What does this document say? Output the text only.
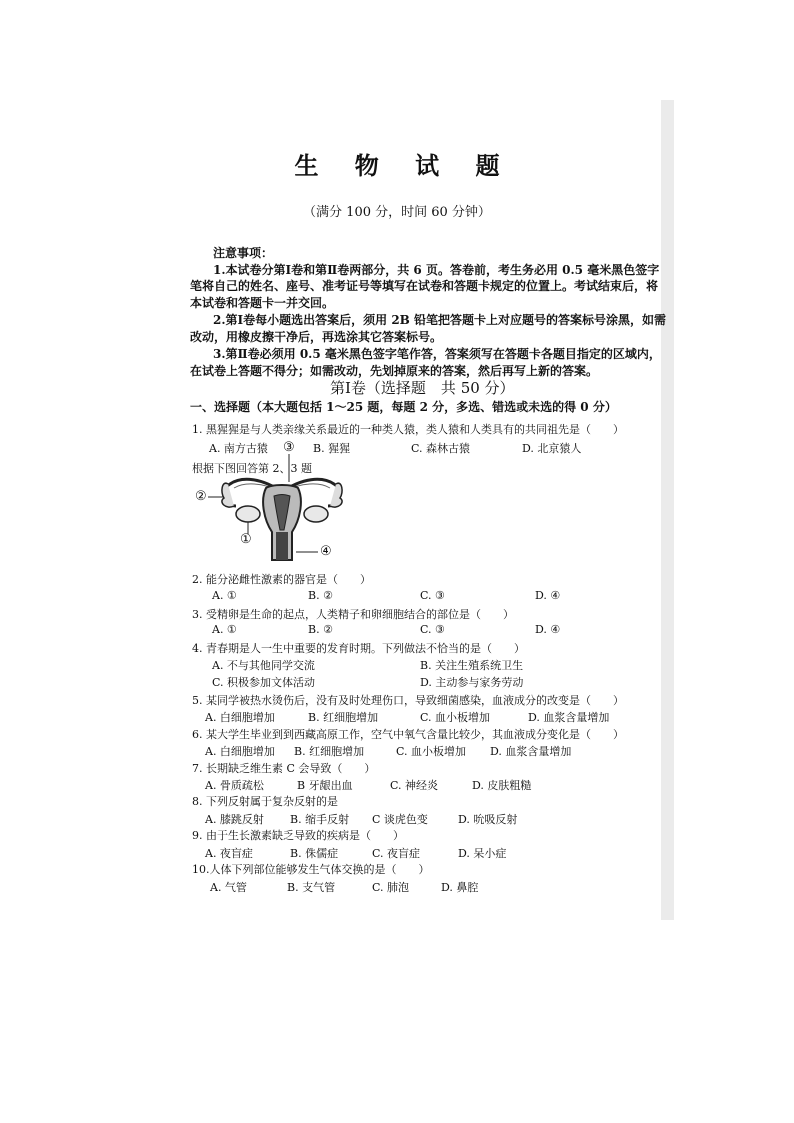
生 物 试 题
（满分 100 分，时间 60 分钟）
注意事项：
1.本试卷分第Ⅰ卷和第Ⅱ卷两部分，共 6 页。答卷前，考生务必用 0.5 毫米黑色签字
笔将自己的姓名、座号、准考证号等填写在试卷和答题卡规定的位置上。考试结束后，将
本试卷和答题卡一并交回。
2.第Ⅰ卷每小题选出答案后，须用 2B 铅笔把答题卡上对应题号的答案标号涂黑，如需
改动，用橡皮擦干净后，再选涂其它答案标号。
3.第Ⅱ卷必须用 0.5 毫米黑色签字笔作答，答案须写在答题卡各题目指定的区域内，
在试卷上答题不得分；如需改动，先划掉原来的答案，然后再写上新的答案。
第Ⅰ卷（选择题　共 50 分）
一、选择题（本大题包括 1～25 题，每题 2 分，多选、错选或未选的得 0 分）
1. 黑猩猩是与人类亲缘关系最近的一种类人猿，类人猿和人类具有的共同祖先是（　　）
A. 南方古猿	B. 猩猩	C. 森林古猿	D. 北京猿人
根据下图回答第 2、3 题
③
②
①
④
2. 能分泌雌性激素的器官是（　　）
A. ①	B. ②	C. ③	D. ④
3. 受精卵是生命的起点，人类精子和卵细胞结合的部位是（　　）
A. ①	B. ②	C. ③	D. ④
4. 青春期是人一生中重要的发育时期。下列做法不恰当的是（　　）
A. 不与其他同学交流	B. 关注生殖系统卫生
C. 积极参加文体活动	D. 主动参与家务劳动
5. 某同学被热水烫伤后，没有及时处理伤口，导致细菌感染，血液成分的改变是（　　）
A. 白细胞增加	B. 红细胞增加	C. 血小板增加	D. 血浆含量增加
6. 某大学生毕业到到西藏高原工作，空气中氧气含量比较少，其血液成分变化是（　　）
A. 白细胞增加 B. 红细胞增加	C. 血小板增加 D. 血浆含量增加
7. 长期缺乏维生素 C 会导致（　　）
A. 骨质疏松	B 牙龈出血	C. 神经炎	D. 皮肤粗糙
8. 下列反射属于复杂反射的是
A. 膝跳反射 B. 缩手反射 C 谈虎色变	D. 吮吸反射
9. 由于生长激素缺乏导致的疾病是（　　）
A. 夜盲症	B. 侏儒症	C. 夜盲症	D. 呆小症
10.人体下列部位能够发生气体交换的是（　　）
A. 气管	B. 支气管	C. 肺泡	D. 鼻腔
